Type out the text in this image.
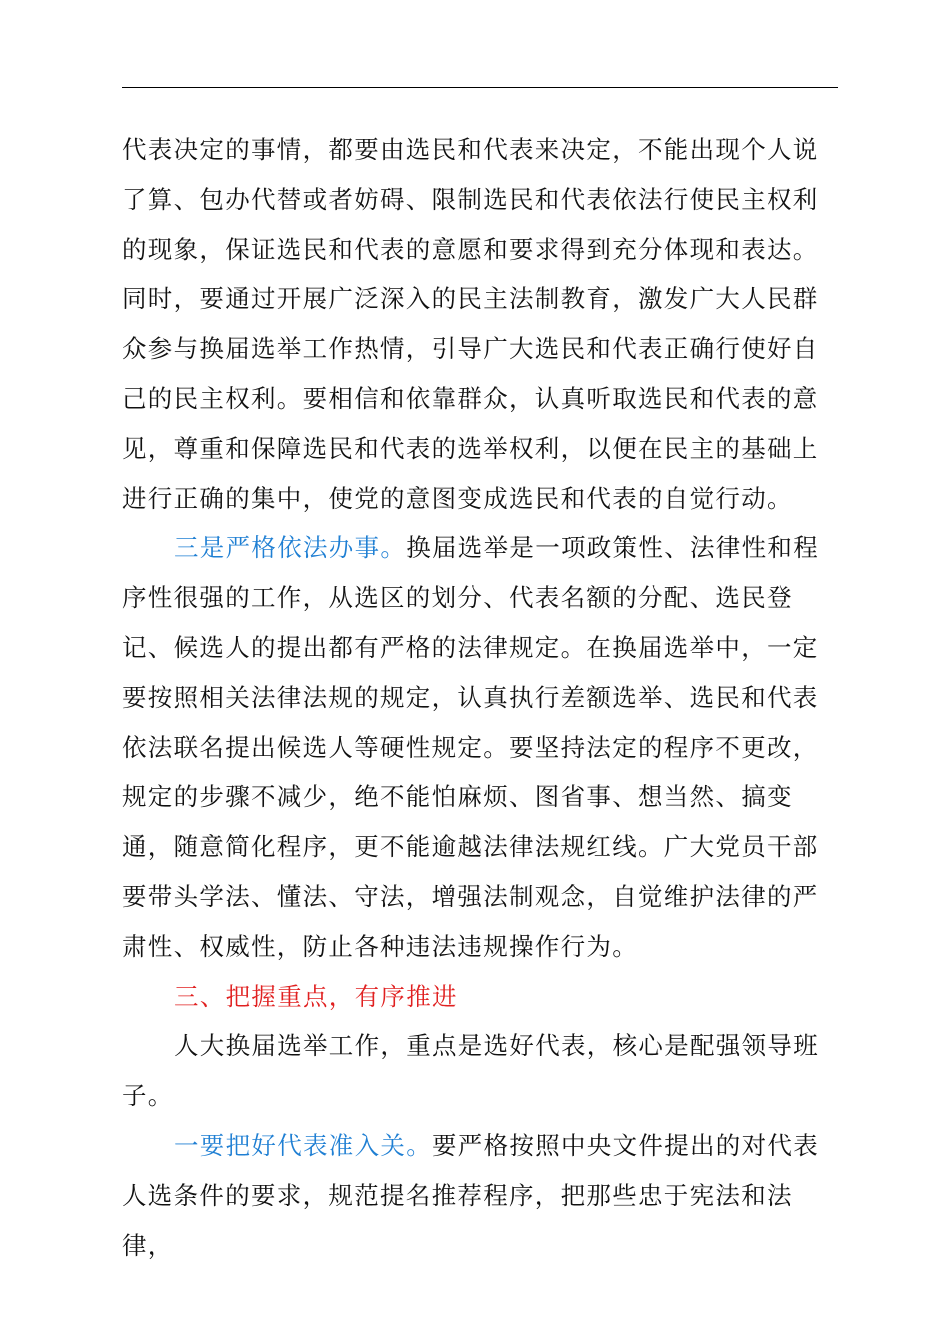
代表决定的事情，都要由选民和代表来决定，不能出现个人说了算、包办代替或者妨碍、限制选民和代表依法行使民主权利的现象，保证选民和代表的意愿和要求得到充分体现和表达。同时，要通过开展广泛深入的民主法制教育，激发广大人民群众参与换届选举工作热情，引导广大选民和代表正确行使好自己的民主权利。要相信和依靠群众，认真听取选民和代表的意见，尊重和保障选民和代表的选举权利，以便在民主的基础上进行正确的集中，使党的意图变成选民和代表的自觉行动。

三是严格依法办事。换届选举是一项政策性、法律性和程序性很强的工作，从选区的划分、代表名额的分配、选民登记、候选人的提出都有严格的法律规定。在换届选举中，一定要按照相关法律法规的规定，认真执行差额选举、选民和代表依法联名提出候选人等硬性规定。要坚持法定的程序不更改，规定的步骤不减少，绝不能怕麻烦、图省事、想当然、搞变通，随意简化程序，更不能逾越法律法规红线。广大党员干部要带头学法、懂法、守法，增强法制观念，自觉维护法律的严肃性、权威性，防止各种违法违规操作行为。

三、把握重点，有序推进

人大换届选举工作，重点是选好代表，核心是配强领导班子。

一要把好代表准入关。要严格按照中央文件提出的对代表人选条件的要求，规范提名推荐程序，把那些忠于宪法和法律，
